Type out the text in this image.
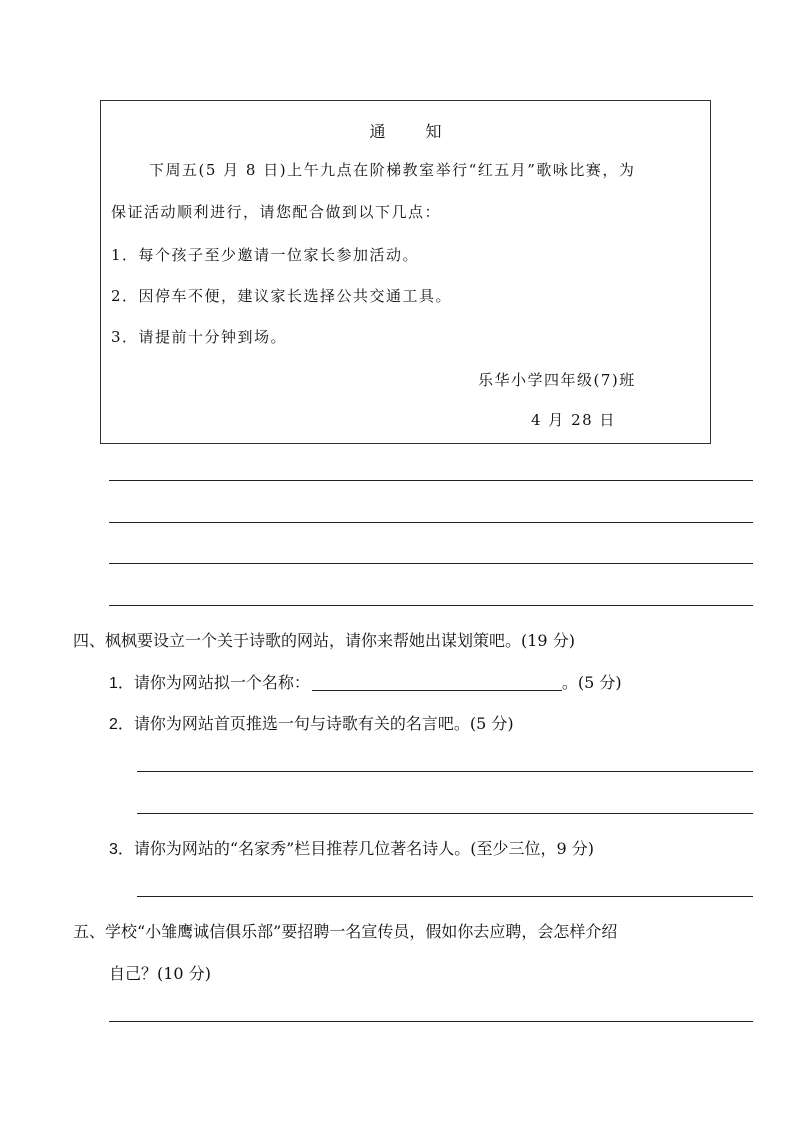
通　知
下周五(5 月 8 日)上午九点在阶梯教室举行“红五月”歌咏比赛，为
保证活动顺利进行，请您配合做到以下几点：
1．每个孩子至少邀请一位家长参加活动。
2．因停车不便，建议家长选择公共交通工具。
3．请提前十分钟到场。
乐华小学四年级(7)班
4 月 28 日
四、枫枫要设立一个关于诗歌的网站，请你来帮她出谋划策吧。(19 分)
1．请你为网站拟一个名称：	。(5 分)
2．请你为网站首页推选一句与诗歌有关的名言吧。(5 分)
3．请你为网站的“名家秀”栏目推荐几位著名诗人。(至少三位，9 分)
五、学校“小雏鹰诚信俱乐部”要招聘一名宣传员，假如你去应聘，会怎样介绍
自己？(10 分)
